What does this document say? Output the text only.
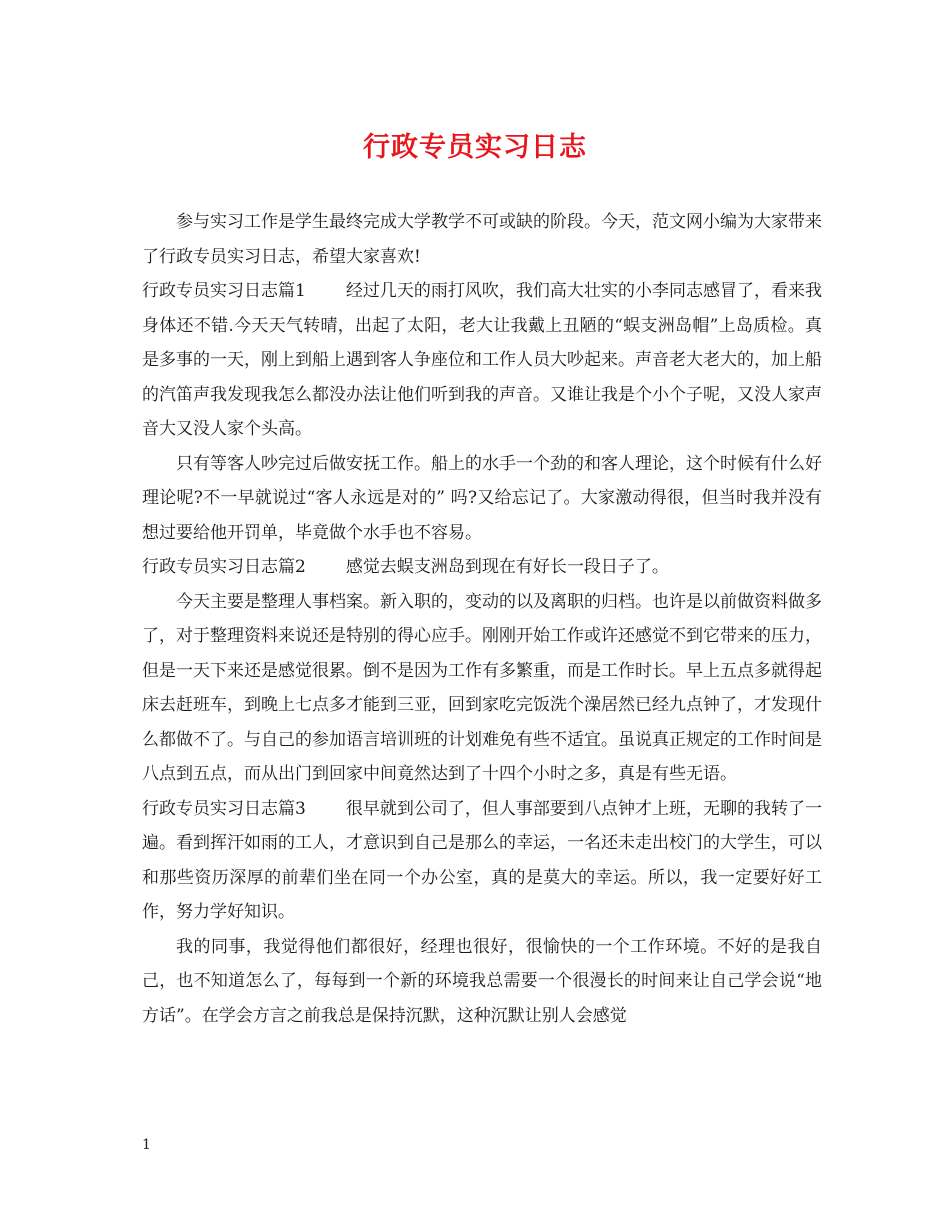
行政专员实习日志

参与实习工作是学生最终完成大学教学不可或缺的阶段。今天，范文网小编为大家带来了行政专员实习日志，希望大家喜欢!

行政专员实习日志篇1 经过几天的雨打风吹，我们高大壮实的小李同志感冒了，看来我身体还不错.今天天气转晴，出起了太阳，老大让我戴上丑陋的“蜈支洲岛帽”上岛质检。真是多事的一天，刚上到船上遇到客人争座位和工作人员大吵起来。声音老大老大的，加上船的汽笛声我发现我怎么都没办法让他们听到我的声音。又谁让我是个小个子呢，又没人家声音大又没人家个头高。

只有等客人吵完过后做安抚工作。船上的水手一个劲的和客人理论，这个时候有什么好理论呢?不一早就说过“客人永远是对的” 吗?又给忘记了。大家激动得很，但当时我并没有想过要给他开罚单，毕竟做个水手也不容易。

行政专员实习日志篇2 感觉去蜈支洲岛到现在有好长一段日子了。

今天主要是整理人事档案。新入职的，变动的以及离职的归档。也许是以前做资料做多了，对于整理资料来说还是特别的得心应手。刚刚开始工作或许还感觉不到它带来的压力，但是一天下来还是感觉很累。倒不是因为工作有多繁重，而是工作时长。早上五点多就得起床去赶班车，到晚上七点多才能到三亚，回到家吃完饭洗个澡居然已经九点钟了，才发现什么都做不了。与自己的参加语言培训班的计划难免有些不适宜。虽说真正规定的工作时间是八点到五点，而从出门到回家中间竟然达到了十四个小时之多，真是有些无语。

行政专员实习日志篇3 很早就到公司了，但人事部要到八点钟才上班，无聊的我转了一遍。看到挥汗如雨的工人，才意识到自己是那么的幸运，一名还未走出校门的大学生，可以和那些资历深厚的前辈们坐在同一个办公室，真的是莫大的幸运。所以，我一定要好好工作，努力学好知识。

我的同事，我觉得他们都很好，经理也很好，很愉快的一个工作环境。不好的是我自己，也不知道怎么了，每每到一个新的环境我总需要一个很漫长的时间来让自己学会说“地方话”。在学会方言之前我总是保持沉默，这种沉默让别人会感觉

1
